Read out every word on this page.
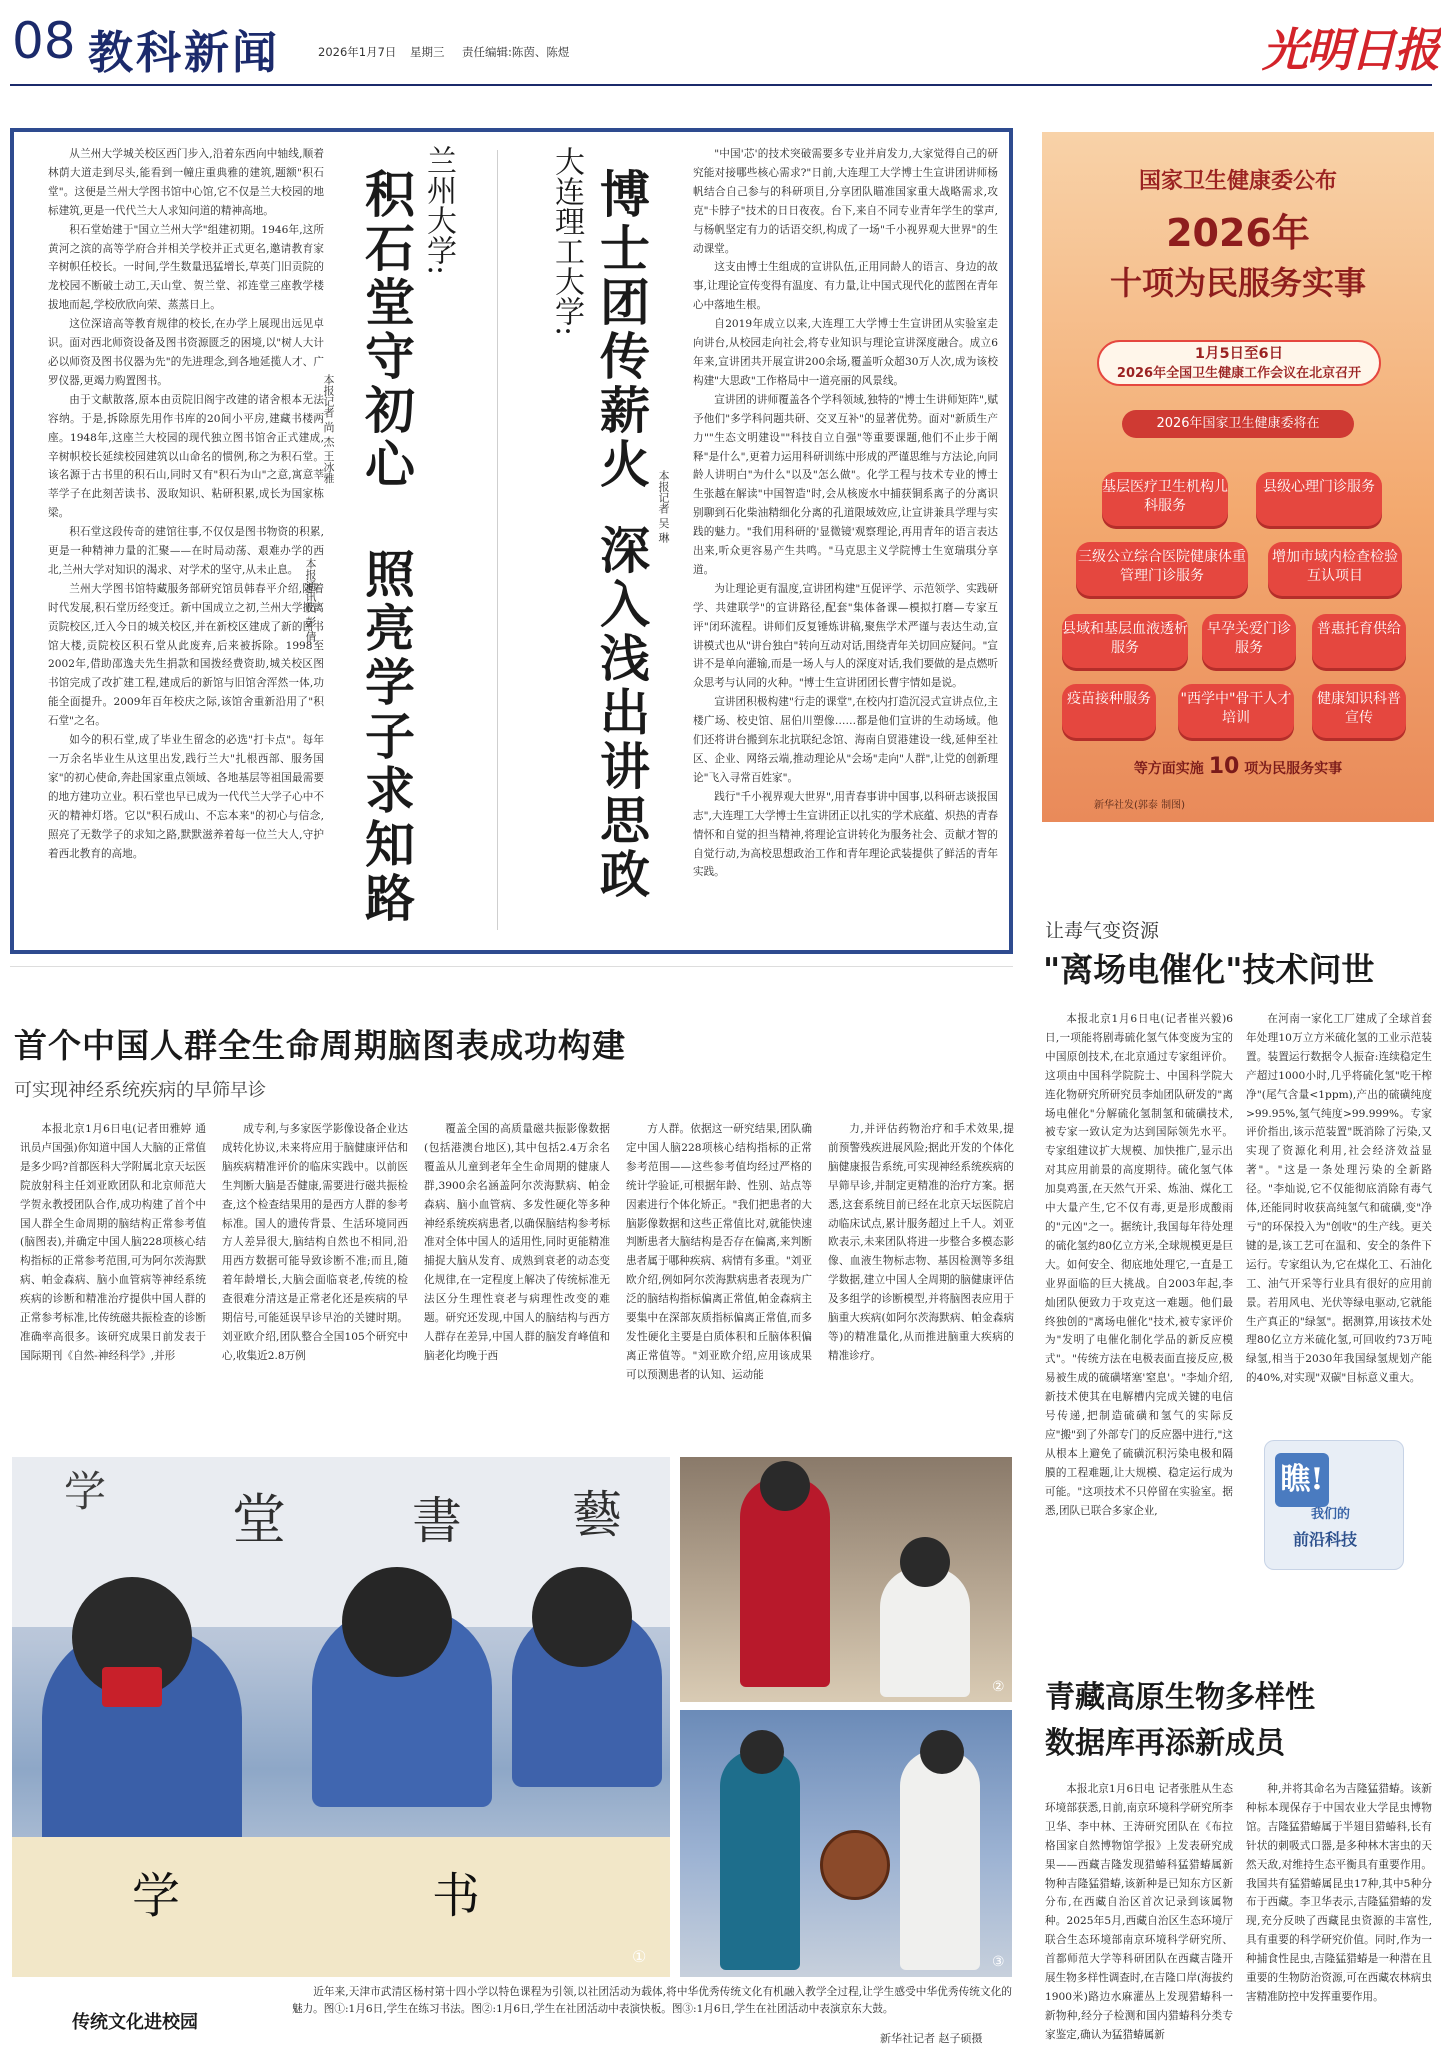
08 教科新闻	2026年1月7日 星期三 责任编辑:陈茵、陈煜	光明日报

从兰州大学城关校区西门步入,沿着东西向中轴线,顺着林荫大道走到尽头,能看到一幢庄重典雅的建筑,题额"积石堂"。这便是兰州大学图书馆中心馆,它不仅是兰大校园的地标建筑,更是一代代兰大人求知问道的精神高地。

积石堂始建于"国立兰州大学"组建初期。1946年,这所黄河之滨的高等学府合并相关学校并正式更名,邀请教育家辛树帜任校长。一时间,学生数量迅猛增长,草英门旧贡院的龙校园不断破土动工,天山堂、贺兰堂、祁连堂三座教学楼拔地而起,学校欣欣向荣、蒸蒸日上。

这位深谙高等教育规律的校长,在办学上展现出远见卓识。面对西北师资设备及图书资源匮乏的困境,以"树人大计必以师资及图书仪器为先"的先进理念,到各地延揽人才、广罗仪器,更竭力购置图书。

由于文献散落,原本由贡院旧阁宇改建的诸舍根本无法容纳。于是,拆除原先用作书库的20间小平房,建藏书楼两座。1948年,这座兰大校园的现代独立图书馆舍正式建成,辛树帜校长延续校园建筑以山命名的惯例,称之为积石堂。该名源于古书里的积石山,同时又有"积石为山"之意,寓意莘莘学子在此刻苦读书、汲取知识、粘研积累,成长为国家栋梁。

积石堂这段传奇的建馆往事,不仅仅是图书物资的积累,更是一种精神力量的汇聚——在时局动荡、艰难办学的西北,兰州大学对知识的渴求、对学术的坚守,从未止息。

兰州大学图书馆特藏服务部研究馆员韩春平介绍,随着时代发展,积石堂历经变迁。新中国成立之初,兰州大学搬离贡院校区,迁入今日的城关校区,并在新校区建成了新的图书馆大楼,贡院校区积石堂从此废弃,后来被拆除。1998至2002年,借助邵逸夫先生捐款和国拨经费资助,城关校区图书馆完成了改扩建工程,建成后的新馆与旧馆舍浑然一体,功能全面提升。2009年百年校庆之际,该馆舍重新沿用了"积石堂"之名。

如今的积石堂,成了毕业生留念的必选"打卡点"。每年一万余名毕业生从这里出发,践行兰大"扎根西部、服务国家"的初心使命,奔赴国家重点领域、各地基层等祖国最需要的地方建功立业。积石堂也早已成为一代代兰大学子心中不灭的精神灯塔。它以"积石成山、不忘本来"的初心与信念,照亮了无数学子的求知之路,默默滋养着每一位兰大人,守护着西北教育的高地。

兰州大学:
积石堂守初心
照亮学子求知路
本报记者 尚 杰 王冰雅
本报通讯员 彭 倩
大连理工大学: 博士团传薪火
深入浅出讲思政
本报记者 吴 琳

"中国'芯'的技术突破需要多专业并肩发力,大家觉得自己的研究能对接哪些核心需求?"日前,大连理工大学博士生宣讲团讲师杨帆结合自己参与的科研项目,分享团队瞄准国家重大战略需求,攻克"卡脖子"技术的日日夜夜。台下,来自不同专业青年学生的掌声,与杨帆坚定有力的话语交织,构成了一场"千小视界观大世界"的生动课堂。

这支由博士生组成的宣讲队伍,正用同龄人的语言、身边的故事,让理论宣传变得有温度、有力量,让中国式现代化的蓝图在青年心中落地生根。

自2019年成立以来,大连理工大学博士生宣讲团从实验室走向讲台,从校园走向社会,将专业知识与理论宣讲深度融合。成立6年来,宣讲团共开展宣讲200余场,覆盖听众超30万人次,成为该校构建"大思政"工作格局中一道亮丽的风景线。

宣讲团的讲师覆盖各个学科领域,独特的"博士生讲师矩阵",赋予他们"多学科问题共研、交叉互补"的显著优势。面对"新质生产力""生态文明建设""科技自立自强"等重要课题,他们不止步于阐释"是什么",更着力运用科研训练中形成的严谨思维与方法论,向同龄人讲明白"为什么"以及"怎么做"。化学工程与技术专业的博士生张越在解读"中国智造"时,会从核废水中捕获铜系离子的分离识别聊到石化柴油精细化分离的孔道限域效应,让宣讲兼具学理与实践的魅力。"我们用科研的'显微镜'观察理论,再用青年的语言表达出来,听众更容易产生共鸣。"马克思主义学院博士生宽瑞琪分享道。

为让理论更有温度,宣讲团构建"互促评学、示范领学、实践研学、共建联学"的宣讲路径,配套"集体备课—模拟打磨—专家互评"闭环流程。讲师们反复锤炼讲稿,聚焦学术严谨与表达生动,宣讲模式也从"讲台独白"转向互动对话,围绕青年关切回应疑问。"宣讲不是单向灌输,而是一场人与人的深度对话,我们要做的是点燃听众思考与认同的火种。"博士生宣讲团团长曹宇情如是说。

宣讲团积极构建"行走的课堂",在校内打造沉浸式宣讲点位,主楼广场、校史馆、屈伯川塑像……都是他们宣讲的生动场域。他们还将讲台搬到东北抗联纪念馆、海南自贸港建设一线,延伸至社区、企业、网络云端,推动理论从"会场"走向"人群",让党的创新理论"飞入寻常百姓家"。

践行"千小视界观大世界",用青春事讲中国事,以科研志谈报国志",大连理工大学博士生宣讲团正以扎实的学术底蕴、炽热的青春情怀和自觉的担当精神,将理论宣讲转化为服务社会、贡献才智的自觉行动,为高校思想政治工作和青年理论武装提供了鲜活的青年实践。

国家卫生健康委公布
2026年
十项为民服务实事
1月5日至6日
2026年全国卫生健康工作会议在北京召开
2026年国家卫生健康委将在
基层医疗卫生机构儿科服务
县级心理门诊服务
三级公立综合医院健康体重管理门诊服务
增加市域内检查检验互认项目
县域和基层血液透析服务
早孕关爱门诊服务
普惠托育供给
疫苗接种服务	"西学中"骨干人才培训
健康知识科普宣传
等方面实施 10 项为民服务实事
新华社发(郭泰 制图)
让毒气变资源
"离场电催化"技术问世

本报北京1月6日电(记者崔兴毅)6日,一项能将剧毒硫化氢气体变废为宝的中国原创技术,在北京通过专家组评价。这项由中国科学院院士、中国科学院大连化物研究所研究员李灿团队研发的"离场电催化"分解硫化氢制氢和硫磺技术,被专家一致认定为达到国际领先水平。专家组建议扩大规模、加快推广,显示出对其应用前景的高度期待。硫化氢气体加臭鸡蛋,在天然气开采、炼油、煤化工中大量产生,它不仅有毒,更是形成酸雨的"元凶"之一。据统计,我国每年待处理的硫化氢约80亿立方米,全球规模更是巨大。如何安全、彻底地处理它,一直是工业界面临的巨大挑战。自2003年起,李灿团队便致力于攻克这一难题。他们最终独创的"离场电催化"技术,被专家评价为"发明了电催化制化学品的新反应模式"。"传统方法在电极表面直接反应,极易被生成的硫磺堵塞'窒息'。"李灿介绍,新技术使其在电解槽内完成关键的电信号传递,把制造硫磺和氢气的实际反应"搬"到了外部专门的反应器中进行,"这从根本上避免了硫磺沉积污染电极和隔膜的工程难题,让大规模、稳定运行成为可能。"这项技术不只停留在实验室。据悉,团队已联合多家企业,

在河南一家化工厂建成了全球首套年处理10万立方米硫化氢的工业示范装置。装置运行数据令人振奋:连续稳定生产超过1000小时,几乎将硫化氢"吃干榨净"(尾气含量<1ppm),产出的硫磺纯度>99.95%,氢气纯度>99.999%。专家评价指出,该示范装置"既消除了污染,又实现了资源化利用,社会经济效益显著"。"这是一条处理污染的全新路径。"李灿说,它不仅能彻底消除有毒气体,还能同时收获高纯氢气和硫磺,变"净亏"的环保投入为"创收"的生产线。更关键的是,该工艺可在温和、安全的条件下运行。专家组认为,它在煤化工、石油化工、油气开采等行业具有很好的应用前景。若用风电、光伏等绿电驱动,它就能生产真正的"绿氢"。据测算,用该技术处理80亿立方米硫化氢,可回收约73万吨绿氢,相当于2030年我国绿氢规划产能的40%,对实现"双碳"目标意义重大。

瞧!
我们的
前沿科技
首个中国人群全生命周期脑图表成功构建
可实现神经系统疾病的早筛早诊

本报北京1月6日电(记者田雅婷 通讯员卢国强)你知道中国人大脑的正常值是多少吗?首都医科大学附属北京天坛医院放射科主任刘亚欧团队和北京师范大学贺永教授团队合作,成功构建了首个中国人群全生命周期的脑结构正常参考值(脑图表),并确定中国人脑228项核心结构指标的正常参考范围,可为阿尔茨海默病、帕金森病、脑小血管病等神经系统疾病的诊断和精准治疗提供中国人群的正常参考标准,比传统磁共振检查的诊断准确率高很多。该研究成果日前发表于国际期刊《自然-神经科学》,并形

成专利,与多家医学影像设备企业达成转化协议,未来将应用于脑健康评估和脑疾病精准评价的临床实践中。以前医生判断大脑是否健康,需要进行磁共振检查,这个检查结果用的是西方人群的参考标准。国人的遗传背景、生活环境同西方人差异很大,脑结构自然也不相同,沿用西方数据可能导致诊断不准;而且,随着年龄增长,大脑会面临衰老,传统的检查很难分清这是正常老化还是疾病的早期信号,可能延误早诊早治的关键时期。刘亚欧介绍,团队整合全国105个研究中心,收集近2.8万例

覆盖全国的高质量磁共振影像数据(包括港澳台地区),其中包括2.4万余名覆盖从儿童到老年全生命周期的健康人群,3900余名涵盖阿尔茨海默病、帕金森病、脑小血管病、多发性硬化等多种神经系统疾病患者,以确保脑结构参考标准对全体中国人的适用性,同时更能精准捕捉大脑从发育、成熟到衰老的动态变化规律,在一定程度上解决了传统标准无法区分生理性衰老与病理性改变的难题。研究还发现,中国人的脑结构与西方人群存在差异,中国人群的脑发育峰值和脑老化均晚于西

方人群。依据这一研究结果,团队确定中国人脑228项核心结构指标的正常参考范围——这些参考值均经过严格的统计学验证,可根据年龄、性别、站点等因素进行个体化矫正。"我们把患者的大脑影像数据和这些正常值比对,就能快速判断患者大脑结构是否存在偏离,来判断患者属于哪种疾病、病情有多重。"刘亚欧介绍,例如阿尔茨海默病患者表现为广泛的脑结构指标偏离正常值,帕金森病主要集中在深部灰质指标偏离正常值,而多发性硬化主要是白质体积和丘脑体积偏离正常值等。"刘亚欧介绍,应用该成果可以预测患者的认知、运动能

力,并评估药物治疗和手术效果,提前预警残疾进展风险;据此开发的个体化脑健康报告系统,可实现神经系统疾病的早筛早诊,并制定更精准的治疗方案。据悉,这套系统目前已经在北京天坛医院启动临床试点,累计服务超过上千人。刘亚欧表示,未来团队将进一步整合多模态影像、血液生物标志物、基因检测等多组学数据,建立中国人全周期的脑健康评估及多组学的诊断模型,并将脑图表应用于脑重大疾病(如阿尔茨海默病、帕金森病等)的精准量化,从而推进脑重大疾病的精准诊疗。

学 堂	書 藝
学	书
①
②
③
传统文化进校园
近年来,天津市武清区杨村第十四小学以特色课程为引领,以社团活动为载体,将中华优秀传统文化有机融入教学全过程,让学生感受中华优秀传统文化的魅力。图①:1月6日,学生在练习书法。图②:1月6日,学生在社团活动中表演快板。图③:1月6日,学生在社团活动中表演京东大鼓。
新华社记者 赵子硕摄
青藏高原生物多样性
数据库再添新成员

本报北京1月6日电 记者张胜从生态环境部获悉,日前,南京环境科学研究所李卫华、李中林、王涛研究团队在《布拉格国家自然博物馆学报》上发表研究成果——西藏吉隆发现猎蝽科猛猎蝽属新物种吉隆猛猎蝽,该新种是已知东方区新分布,在西藏自治区首次记录到该属物种。2025年5月,西藏自治区生态环境厅联合生态环境部南京环境科学研究所、首都师范大学等科研团队在西藏吉隆开展生物多样性调查时,在吉隆口岸(海拔约1900米)路边水麻灌丛上发现猎蝽科一新物种,经分子检测和国内猎蝽科分类专家鉴定,确认为猛猎蝽属新

种,并将其命名为吉隆猛猎蝽。该新种标本现保存于中国农业大学昆虫博物馆。吉隆猛猎蝽属于半翅目猎蝽科,长有针状的刺吸式口器,是多种林木害虫的天然天敌,对维持生态平衡具有重要作用。我国共有猛猎蝽属昆虫17种,其中5种分布于西藏。李卫华表示,吉隆猛猎蝽的发现,充分反映了西藏昆虫资源的丰富性,具有重要的科学研究价值。同时,作为一种捕食性昆虫,吉隆猛猎蝽是一种潜在且重要的生物防治资源,可在西藏农林病虫害精准防控中发挥重要作用。
